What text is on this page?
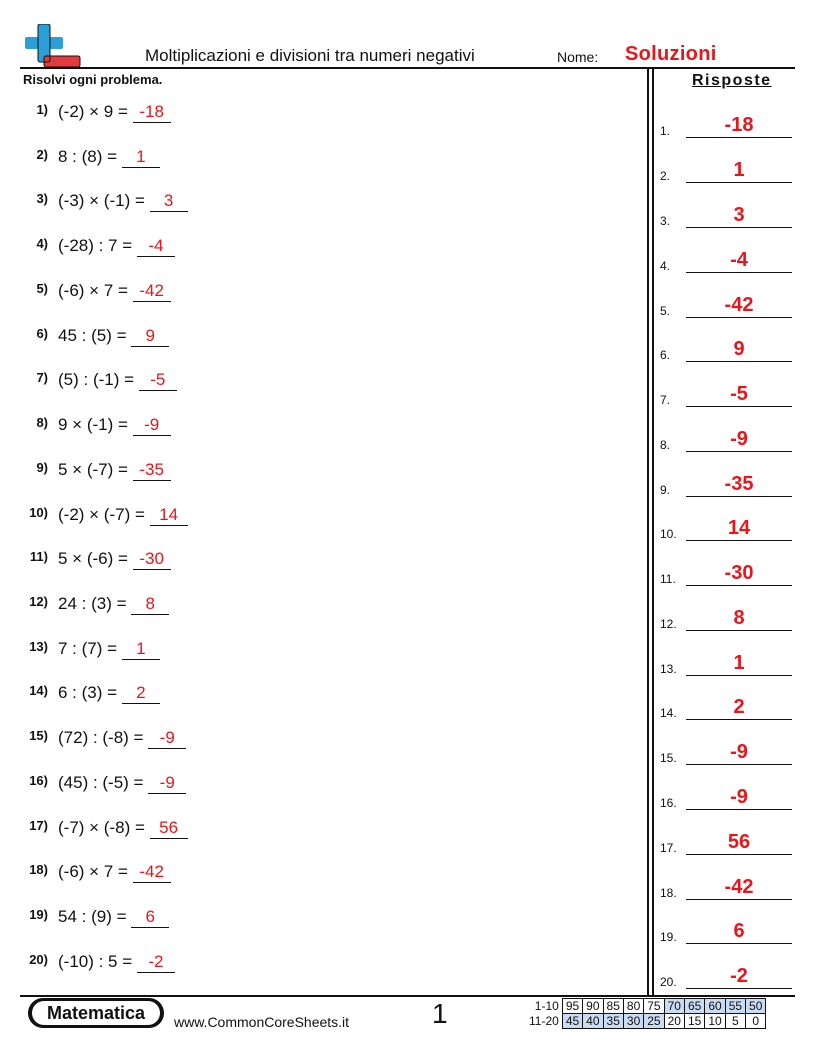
Moltiplicazioni e divisioni tra numeri negativi	Nome: Soluzioni
Risolvi ogni problema.	Risposte
1) (-2) × 9 = -18
2) 8 : (8) = 1
3) (-3) × (-1) = 3
4) (-28) : 7 = -4
5) (-6) × 7 = -42
6) 45 : (5) = 9
7) (5) : (-1) = -5
8) 9 × (-1) = -9
9) 5 × (-7) = -35
10) (-2) × (-7) = 14
11) 5 × (-6) = -30
12) 24 : (3) = 8
13) 7 : (7) = 1
14) 6 : (3) = 2
15) (72) : (-8) = -9
16) (45) : (-5) = -9
17) (-7) × (-8) = 56
18) (-6) × 7 = -42
19) 54 : (9) = 6
20) (-10) : 5 = -2
1.	-18
2.	1
3.	3
4.	-4
5.	-42
6.	9
7.	-5
8.	-9
9.	-35
10.	14
11.	-30
12.	8
13.	1
14.	2
15.	-9
16.	-9
17.	56
18.	-42
19.	6
20.	-2
Matematica	www.CommonCoreSheets.it	1	1-10	95	90	85	80	75	70	65	60	55	50
11-20	45	40	35	30	25	20	15	10	5	0
